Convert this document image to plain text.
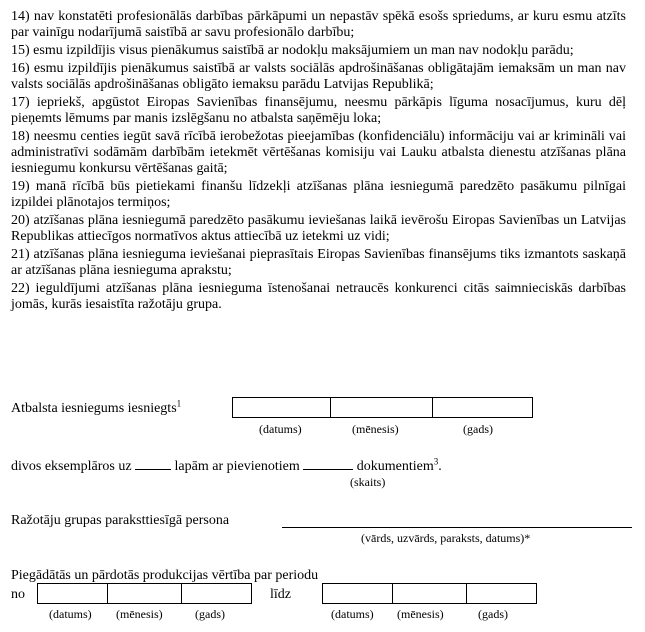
14) nav konstatēti profesionālās darbības pārkāpumi un nepastāv spēkā esošs spriedums, ar kuru esmu atzīts par vainīgu nodarījumā saistībā ar savu profesionālo darbību;
15) esmu izpildījis visus pienākumus saistībā ar nodokļu maksājumiem un man nav nodokļu parādu;
16) esmu izpildījis pienākumus saistībā ar valsts sociālās apdrošināšanas obligātajām iemaksām un man nav valsts sociālās apdrošināšanas obligāto iemaksu parādu Latvijas Republikā;
17) iepriekš, apgūstot Eiropas Savienības finansējumu, neesmu pārkāpis līguma nosacījumus, kuru dēļ pieņemts lēmums par manis izslēgšanu no atbalsta saņēmēju loka;
18) neesmu centies iegūt savā rīcībā ierobežotas pieejamības (konfidenciālu) informāciju vai ar krimināli vai administratīvi sodāmām darbībām ietekmēt vērtēšanas komisiju vai Lauku atbalsta dienestu atzīšanas plāna iesniegumu konkursu vērtēšanas gaitā;
19) manā rīcībā būs pietiekami finanšu līdzekļi atzīšanas plāna iesniegumā paredzēto pasākumu pilnīgai izpildei plānotajos termiņos;
20) atzīšanas plāna iesniegumā paredzēto pasākumu ieviešanas laikā ievērošu Eiropas Savienības un Latvijas Republikas attiecīgos normatīvos aktus attiecībā uz ietekmi uz vidi;
21) atzīšanas plāna iesnieguma ieviešanai pieprasītais Eiropas Savienības finansējums tiks izmantots saskaņā ar atzīšanas plāna iesnieguma aprakstu;
22) ieguldījumi atzīšanas plāna iesnieguma īstenošanai netraucēs konkurenci citās saimnieciskās darbības jomās, kurās iesaistīta ražotāju grupa.
Atbalsta iesniegums iesniegts$^1$
(datums)	(mēnesis)	(gads)
divos eksemplāros uz	lapām ar pievienotiem	dokumentiem$^3$.
(skaits)
Ražotāju grupas paraksttiesīgā persona
(vārds, uzvārds, paraksts, datums)*
Piegādātās un pārdotās produkcijas vērtība par periodu
no
(datums) (mēnesis)	(gads)
līdz
(datums) (mēnesis)	(gads)
